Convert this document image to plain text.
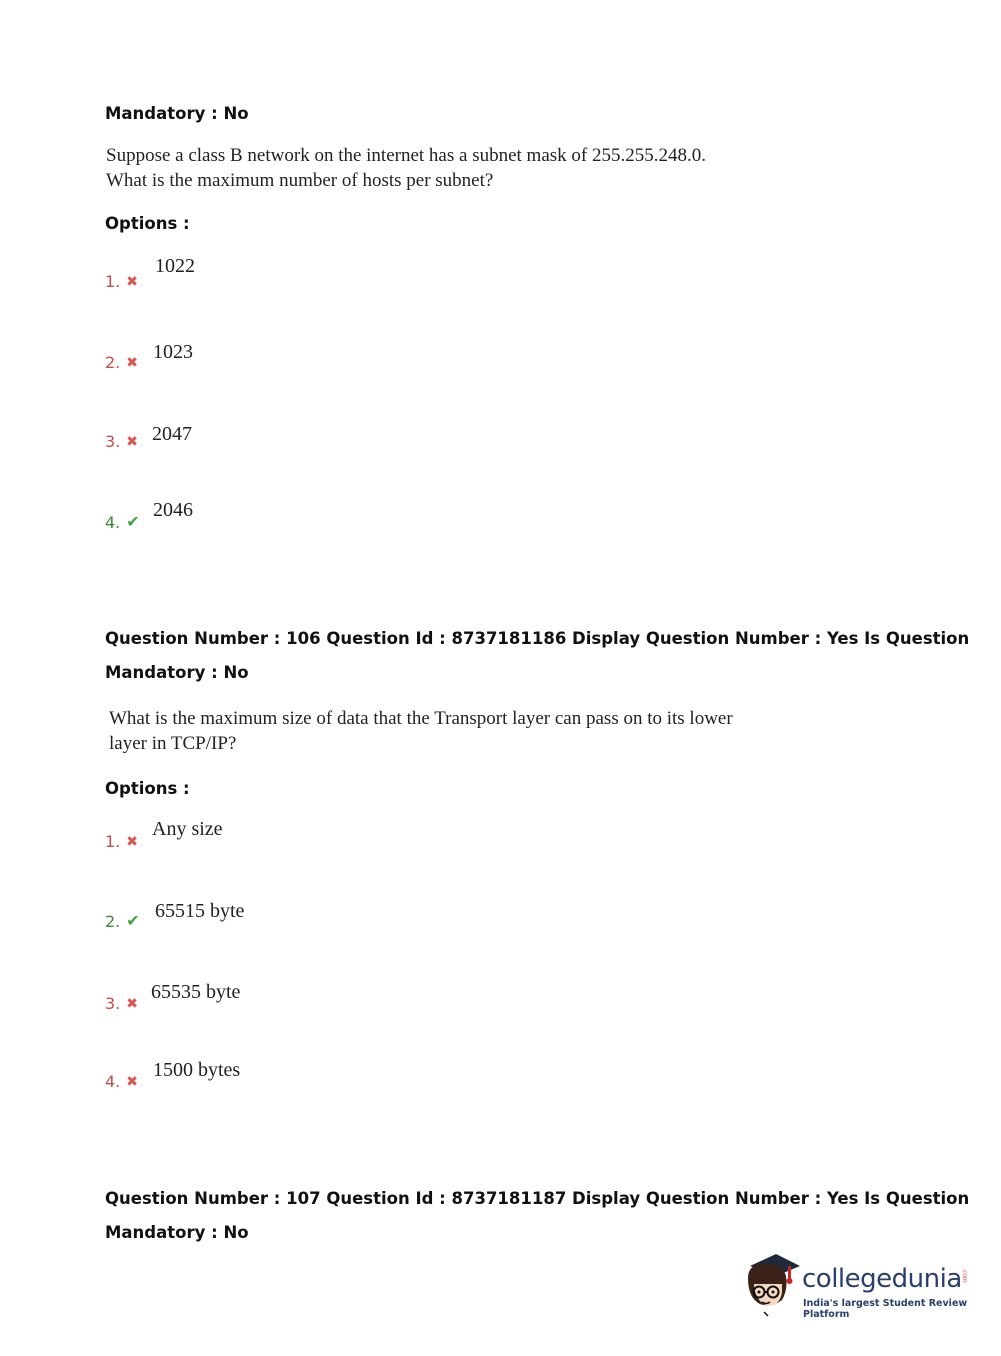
Mandatory : No
Suppose a class B network on the internet has a subnet mask of 255.255.248.0.
What is the maximum number of hosts per subnet?
Options :
1. ✖
1022
2. ✖ 1023
3. ✖ 2047
4. ✔
2046
Question Number : 106 Question Id : 8737181186 Display Question Number : Yes Is Question
Mandatory : No
What is the maximum size of data that the Transport layer can pass on to its lower
layer in TCP/IP?
Options :
1. ✖
Any size
2. ✔ 65515 byte
3. ✖
65535 byte
4. ✖
1500 bytes
Question Number : 107 Question Id : 8737181187 Display Question Number : Yes Is Question
Mandatory : No
collegedunia .com
India's largest Student Review Platform
